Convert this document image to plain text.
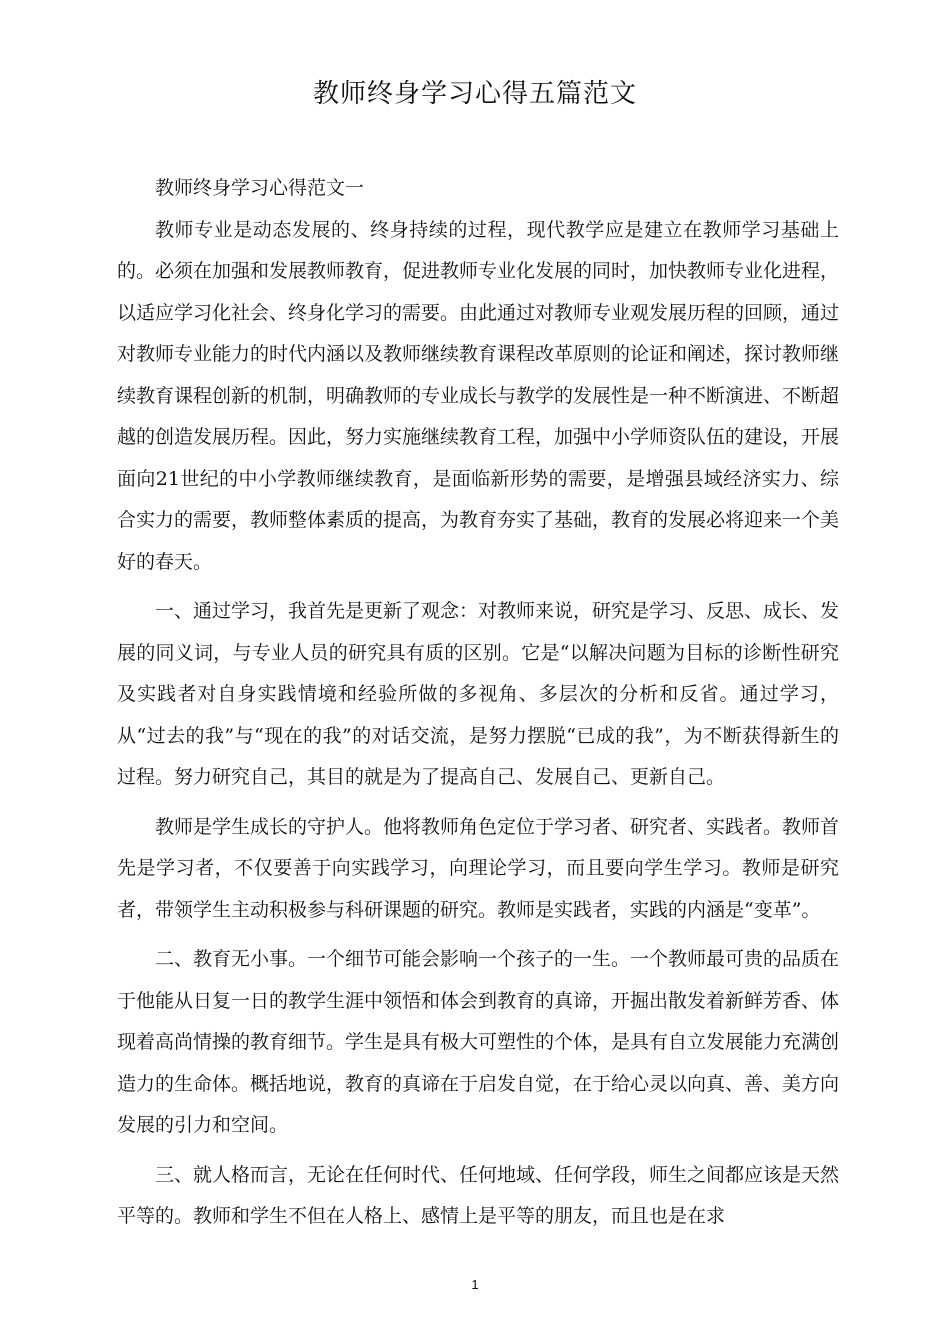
教师终身学习心得五篇范文

教师终身学习心得范文一

教师专业是动态发展的、终身持续的过程，现代教学应是建立在教师学习基础上的。必须在加强和发展教师教育，促进教师专业化发展的同时，加快教师专业化进程，以适应学习化社会、终身化学习的需要。由此通过对教师专业观发展历程的回顾，通过对教师专业能力的时代内涵以及教师继续教育课程改革原则的论证和阐述，探讨教师继续教育课程创新的机制，明确教师的专业成长与教学的发展性是一种不断演进、不断超越的创造发展历程。因此，努力实施继续教育工程，加强中小学师资队伍的建设，开展面向21世纪的中小学教师继续教育，是面临新形势的需要，是增强县域经济实力、综合实力的需要，教师整体素质的提高，为教育夯实了基础，教育的发展必将迎来一个美好的春天。

一、通过学习，我首先是更新了观念：对教师来说，研究是学习、反思、成长、发展的同义词，与专业人员的研究具有质的区别。它是“以解决问题为目标的诊断性研究及实践者对自身实践情境和经验所做的多视角、多层次的分析和反省。通过学习，从“过去的我”与“现在的我”的对话交流，是努力摆脱“已成的我”，为不断获得新生的过程。努力研究自己，其目的就是为了提高自己、发展自己、更新自己。

教师是学生成长的守护人。他将教师角色定位于学习者、研究者、实践者。教师首先是学习者，不仅要善于向实践学习，向理论学习，而且要向学生学习。教师是研究者，带领学生主动积极参与科研课题的研究。教师是实践者，实践的内涵是“变革”。

二、教育无小事。一个细节可能会影响一个孩子的一生。一个教师最可贵的品质在于他能从日复一日的教学生涯中领悟和体会到教育的真谛，开掘出散发着新鲜芳香、体现着高尚情操的教育细节。学生是具有极大可塑性的个体，是具有自立发展能力充满创造力的生命体。概括地说，教育的真谛在于启发自觉，在于给心灵以向真、善、美方向发展的引力和空间。

三、就人格而言，无论在任何时代、任何地域、任何学段，师生之间都应该是天然平等的。教师和学生不但在人格上、感情上是平等的朋友，而且也是在求

1
